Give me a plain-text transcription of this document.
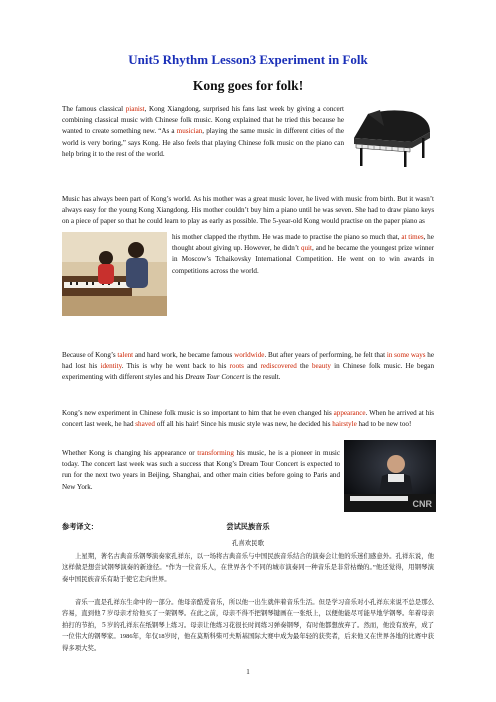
Unit5 Rhythm Lesson3 Experiment in Folk
Kong goes for folk!

The famous classical pianist, Kong Xiangdong, surprised his fans last week by giving a concert combining classical music with Chinese folk music. Kong explained that he tried this because he wanted to create something new. “As a musician, playing the same music in different cities of the world is very boring,” says Kong. He also feels that playing Chinese folk music on the piano can help bring it to the rest of the world.

Music has always been part of Kong’s world. As his mother was a great music lover, he lived with music from birth. But it wasn’t always easy for the young Kong Xiangdong. His mother couldn’t buy him a piano until he was seven. She had to draw piano keys on a piece of paper so that he could learn to play as early as possible. The 5-year-old Kong would practise on the paper piano as

his mother clapped the rhythm. He was made to practise the piano so much that, at times, he thought about giving up. However, he didn’t quit, and he became the youngest prize winner in Moscow’s Tchaikovsky International Competition. He went on to win awards in competitions across the world.

Because of Kong’s talent and hard work, he became famous worldwide. But after years of performing, he felt that in some ways he had lost his identity. This is why he went back to his roots and rediscovered the beauty in Chinese folk music. He began experimenting with different styles and his Dream Tour Concert is the result.

Kong’s new experiment in Chinese folk music is so important to him that he even changed his appearance. When he arrived at his concert last week, he had shaved off all his hair! Since his music style was new, he decided his hairstyle had to be new too!

Whether Kong is changing his appearance or transforming his music, he is a pioneer in music today. The concert last week was such a success that Kong’s Dream Tour Concert is expected to run for the next two years in Beijing, Shanghai, and other main cities before going to Paris and New York.

CNR
参考译文：	尝试民族音乐
孔喜欢民歌

上星期，著名古典音乐钢琴演奏家孔祥东，以一场将古典音乐与中国民族音乐结合的演奏会让他的乐迷们感意外。孔祥东说，他这样做是想尝试钢琴演奏的新途径。“作为一位音乐人，在世界各个不同的城市演奏同一种音乐是非常枯燥的。”他还觉得，用钢琴演奏中国民族音乐有助于使它走向世界。

音乐一直是孔祥东生命中的一部分。他母亲酷爱音乐，所以他一出生就伴着音乐生活。但是学习音乐对小孔祥东来说不总是那么容易，直到他７岁母亲才给他买了一架钢琴。在此之前，母亲不得不把钢琴键画在一张纸上，以便他能尽可能早地学钢琴。年着母亲拍打的节拍，５岁的孔祥东在纸钢琴上练习。母亲让他练习花很长时间练习弹奏钢琴，有时他都想放弃了。然而，他没有放弃，成了一位伟大的钢琴家。1986年，年仅18岁时，他在莫斯科柴可夫斯基国际大赛中成为最年轻的获奖者，后来他又在世界各地的比赛中获得多项大奖。

1
